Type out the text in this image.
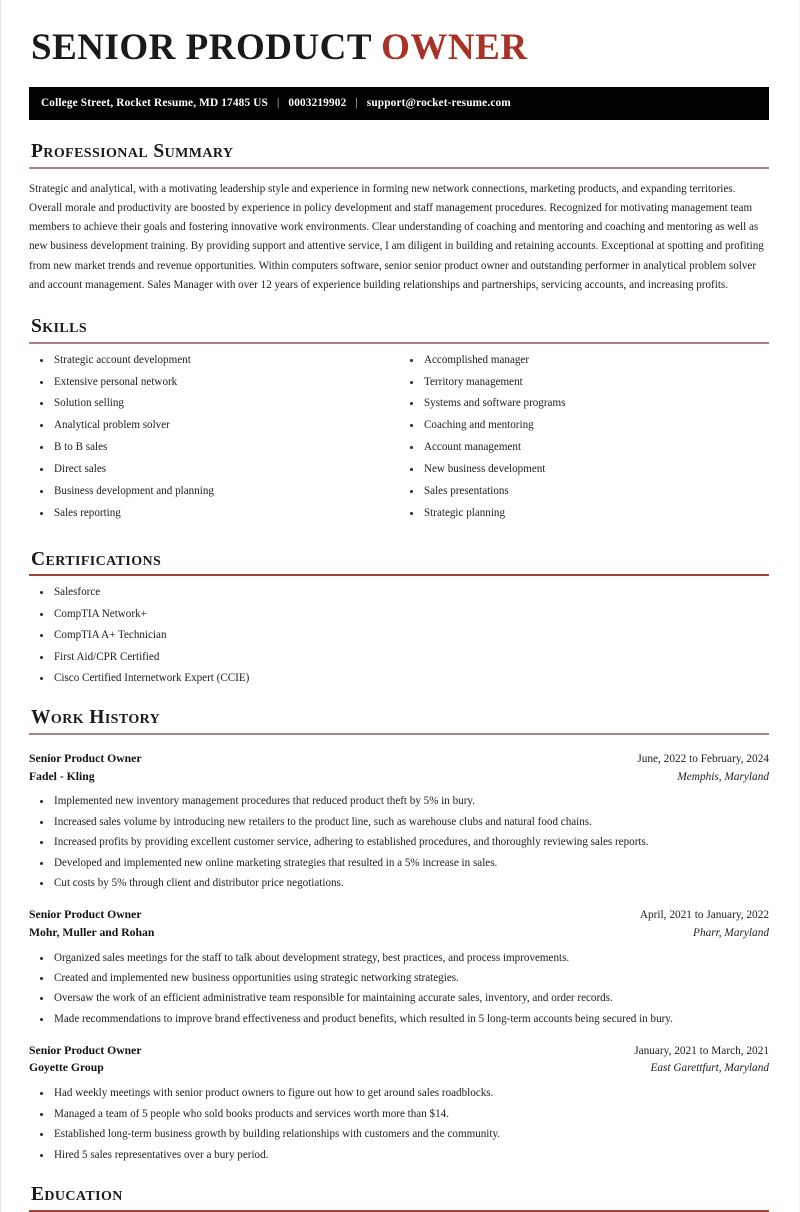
SENIOR PRODUCT OWNER
College Street, Rocket Resume, MD 17485 US | 0003219902 | support@rocket-resume.com
Professional Summary

Strategic and analytical, with a motivating leadership style and experience in forming new network connections, marketing products, and expanding territories. Overall morale and productivity are boosted by experience in policy development and staff management procedures. Recognized for motivating management team members to achieve their goals and fostering innovative work environments. Clear understanding of coaching and mentoring and coaching and mentoring as well as new business development training. By providing support and attentive service, I am diligent in building and retaining accounts. Exceptional at spotting and profiting from new market trends and revenue opportunities. Within computers software, senior senior product owner and outstanding performer in analytical problem solver and account management. Sales Manager with over 12 years of experience building relationships and partnerships, servicing accounts, and increasing profits.

Skills
Strategic account development
Extensive personal network
Solution selling
Analytical problem solver
B to B sales
Direct sales
Business development and planning
Sales reporting
Accomplished manager
Territory management
Systems and software programs
Coaching and mentoring
Account management
New business development
Sales presentations
Strategic planning
Certifications
Salesforce
CompTIA Network+
CompTIA A+ Technician
First Aid/CPR Certified
Cisco Certified Internetwork Expert (CCIE)
Work History
Senior Product Owner	June, 2022 to February, 2024
Fadel - Kling	Memphis, Maryland
Implemented new inventory management procedures that reduced product theft by 5% in bury.
Increased sales volume by introducing new retailers to the product line, such as warehouse clubs and natural food chains.
Increased profits by providing excellent customer service, adhering to established procedures, and thoroughly reviewing sales reports.
Developed and implemented new online marketing strategies that resulted in a 5% increase in sales.
Cut costs by 5% through client and distributor price negotiations.
Senior Product Owner	April, 2021 to January, 2022
Mohr, Muller and Rohan	Pharr, Maryland
Organized sales meetings for the staff to talk about development strategy, best practices, and process improvements.
Created and implemented new business opportunities using strategic networking strategies.
Oversaw the work of an efficient administrative team responsible for maintaining accurate sales, inventory, and order records.
Made recommendations to improve brand effectiveness and product benefits, which resulted in 5 long-term accounts being secured in bury.
Senior Product Owner	January, 2021 to March, 2021
Goyette Group	East Garettfurt, Maryland
Had weekly meetings with senior product owners to figure out how to get around sales roadblocks.
Managed a team of 5 people who sold books products and services worth more than $14.
Established long-term business growth by building relationships with customers and the community.
Hired 5 sales representatives over a bury period.
Education
